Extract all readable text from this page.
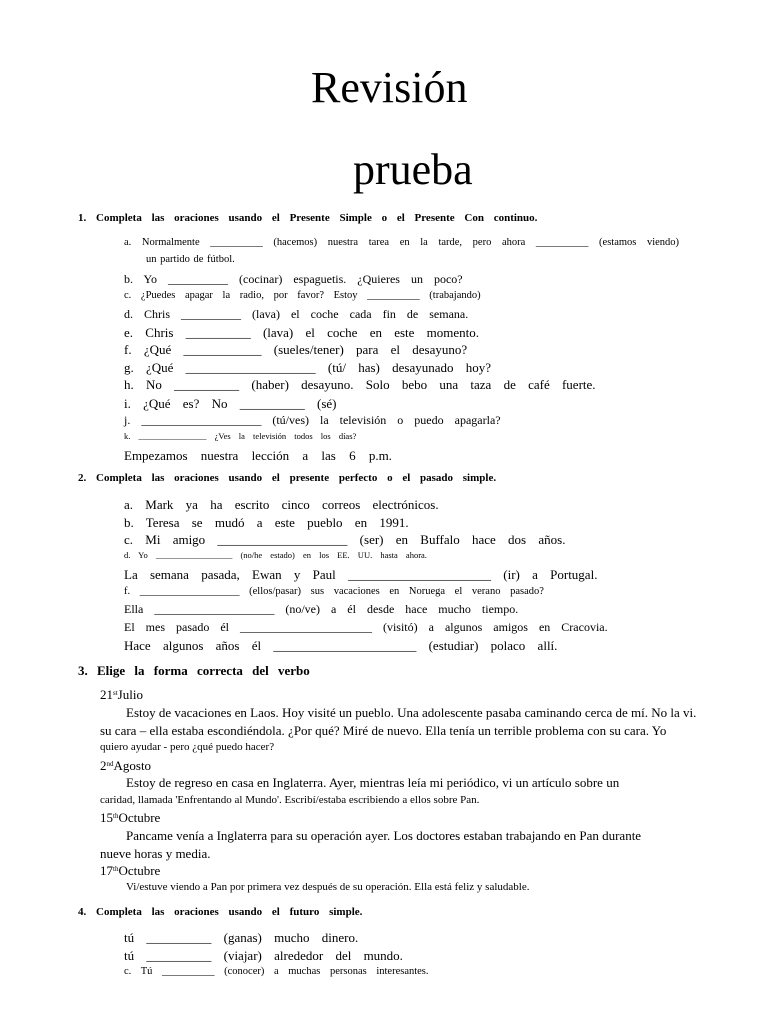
Revisión
prueba
1. Completa las oraciones usando el Presente Simple o el Presente Con continuo.
a. Normalmente __________ (hacemos) nuestra tarea en la tarde, pero ahora __________ (estamos viendo)
un partido de fútbol.
b. Yo __________ (cocinar) espaguetis. ¿Quieres un poco?
c. ¿Puedes apagar la radio, por favor? Estoy __________ (trabajando)
d. Chris __________ (lava) el coche cada fin de semana.
e. Chris __________ (lava) el coche en este momento.
f. ¿Qué ____________ (sueles/tener) para el desayuno?
g. ¿Qué ____________________ (tú/ has) desayunado hoy?
h. No __________ (haber) desayuno. Solo bebo una taza de café fuerte.
i. ¿Qué es? No __________ (sé)
j. ____________________ (tú/ves) la televisión o puedo apagarla?
k. ________________ ¿Ves la televisión todos los días?
Empezamos nuestra lección a las 6 p.m.
2. Completa las oraciones usando el presente perfecto o el pasado simple.
a. Mark ya ha escrito cinco correos electrónicos.
b. Teresa se mudó a este pueblo en 1991.
c. Mi amigo ____________________ (ser) en Buffalo hace dos años.
d. Yo __________________ (no/he estado) en los EE. UU. hasta ahora.
La semana pasada, Ewan y Paul ______________________ (ir) a Portugal.
f. ___________________ (ellos/pasar) sus vacaciones en Noruega el verano pasado?
Ella ____________________ (no/ve) a él desde hace mucho tiempo.
El mes pasado él ______________________ (visitó) a algunos amigos en Cracovia.
Hace algunos años él ______________________ (estudiar) polaco allí.
3. Elige la forma correcta del verbo
21stJulio
Estoy de vacaciones en Laos. Hoy visité un pueblo. Una adolescente pasaba caminando cerca de mí. No la vi.
su cara – ella estaba escondiéndola. ¿Por qué? Miré de nuevo. Ella tenía un terrible problema con su cara. Yo
quiero ayudar - pero ¿qué puedo hacer?
2ndAgosto
Estoy de regreso en casa en Inglaterra. Ayer, mientras leía mi periódico, vi un artículo sobre un
caridad, llamada 'Enfrentando al Mundo'. Escribí/estaba escribiendo a ellos sobre Pan.
15thOctubre
Pancame venía a Inglaterra para su operación ayer. Los doctores estaban trabajando en Pan durante
nueve horas y media.
17thOctubre
Vi/estuve viendo a Pan por primera vez después de su operación. Ella está feliz y saludable.
4. Completa las oraciones usando el futuro simple.
tú __________ (ganas) mucho dinero.
tú __________ (viajar) alrededor del mundo.
c. Tú __________ (conocer) a muchas personas interesantes.
